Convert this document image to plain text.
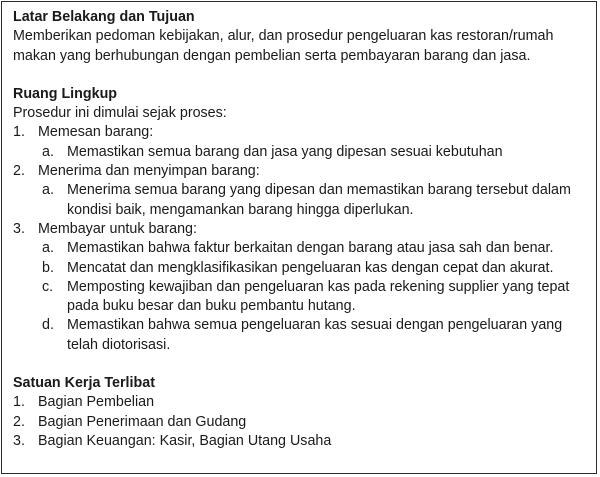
Latar Belakang dan Tujuan

Memberikan pedoman kebijakan, alur, dan prosedur pengeluaran kas restoran/rumah makan yang berhubungan dengan pembelian serta pembayaran barang dan jasa.

Ruang Lingkup

Prosedur ini dimulai sejak proses:

1. Memesan barang:
a. Memastikan semua barang dan jasa yang dipesan sesuai kebutuhan
2. Menerima dan menyimpan barang:
a. Menerima semua barang yang dipesan dan memastikan barang tersebut dalam kondisi baik, mengamankan barang hingga diperlukan.
3. Membayar untuk barang:
a. Memastikan bahwa faktur berkaitan dengan barang atau jasa sah dan benar.
b. Mencatat dan mengklasifikasikan pengeluaran kas dengan cepat dan akurat.
c. Memposting kewajiban dan pengeluaran kas pada rekening supplier yang tepat pada buku besar dan buku pembantu hutang.
d. Memastikan bahwa semua pengeluaran kas sesuai dengan pengeluaran yang telah diotorisasi.

Satuan Kerja Terlibat

1. Bagian Pembelian
2. Bagian Penerimaan dan Gudang
3. Bagian Keuangan: Kasir, Bagian Utang Usaha
